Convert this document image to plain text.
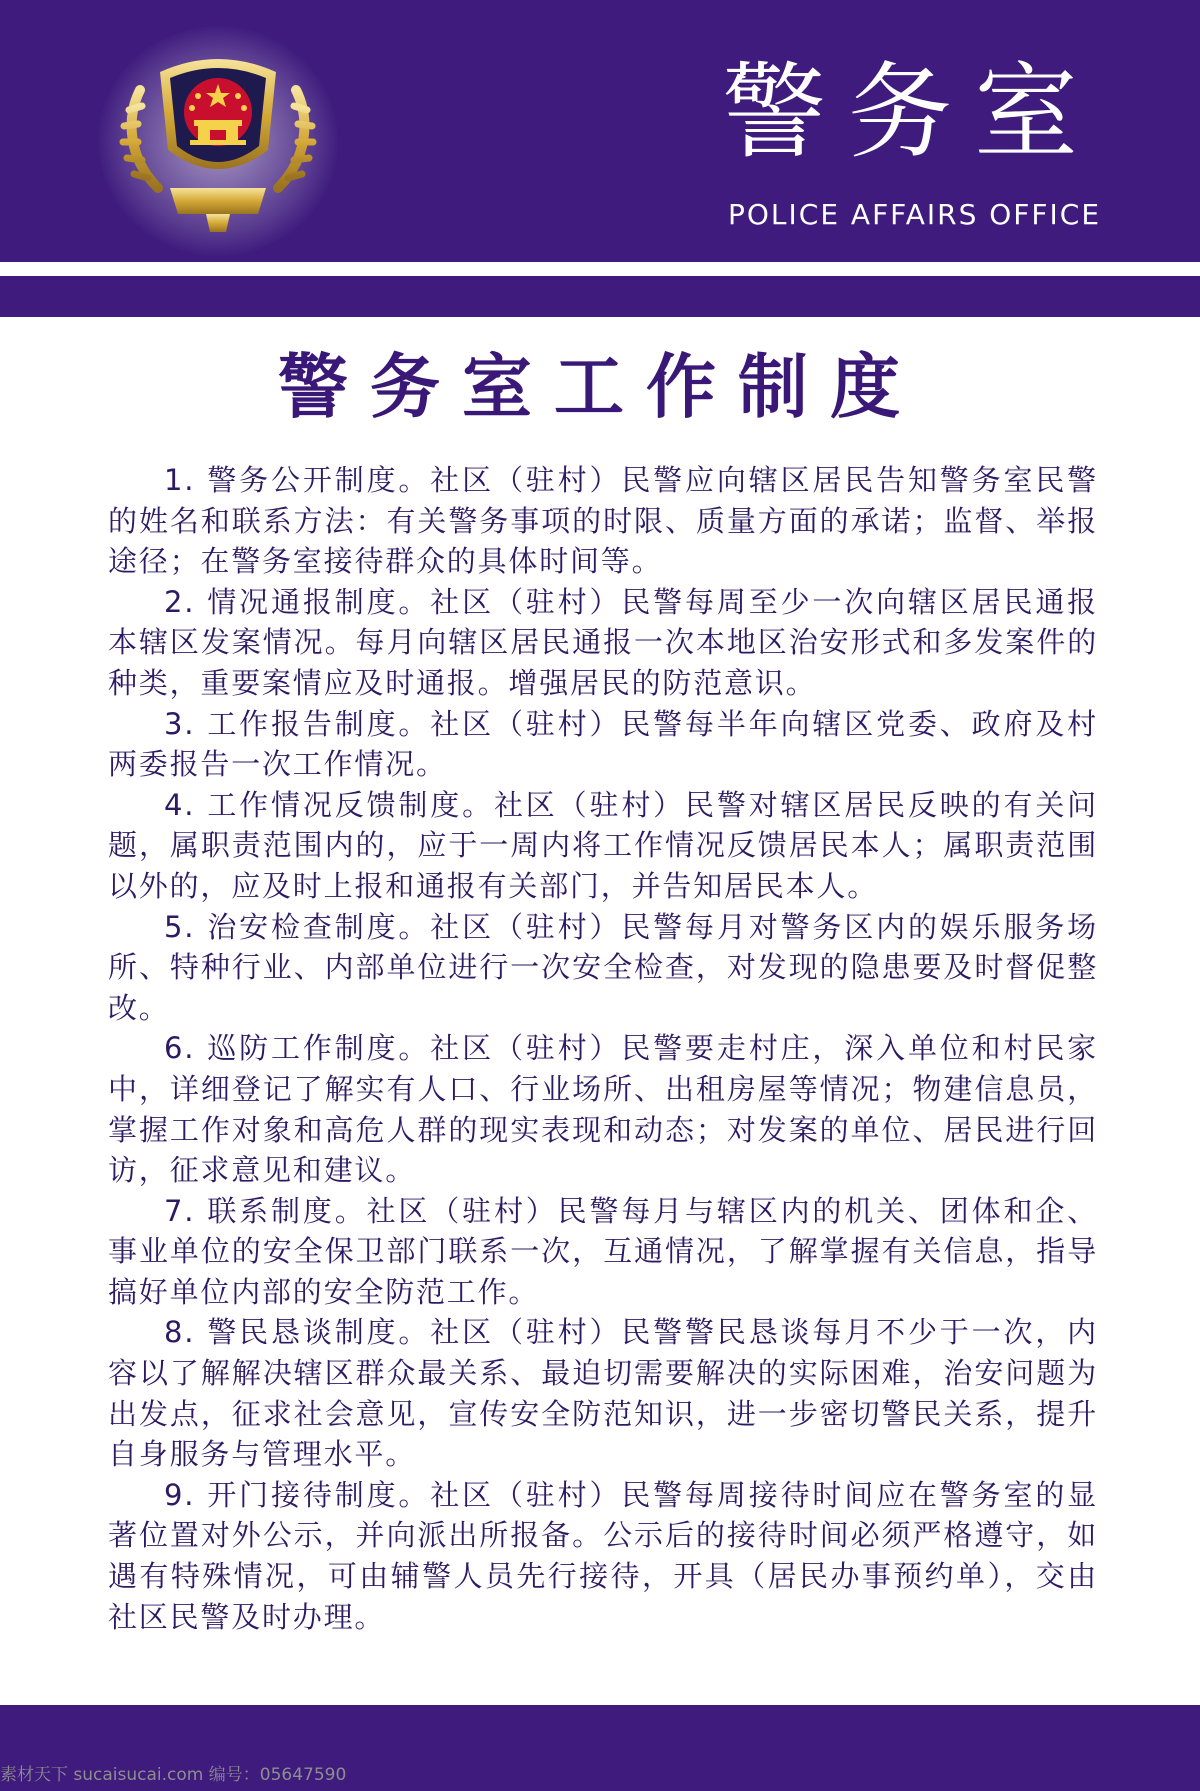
警务室
POLICE AFFAIRS OFFICE
警务室工作制度

1. 警务公开制度。社区（驻村）民警应向辖区居民告知警务室民警的姓名和联系方法：有关警务事项的时限、质量方面的承诺；监督、举报途径；在警务室接待群众的具体时间等。

2. 情况通报制度。社区（驻村）民警每周至少一次向辖区居民通报本辖区发案情况。每月向辖区居民通报一次本地区治安形式和多发案件的种类，重要案情应及时通报。增强居民的防范意识。

3. 工作报告制度。社区（驻村）民警每半年向辖区党委、政府及村两委报告一次工作情况。

4. 工作情况反馈制度。社区（驻村）民警对辖区居民反映的有关问题，属职责范围内的，应于一周内将工作情况反馈居民本人；属职责范围以外的，应及时上报和通报有关部门，并告知居民本人。

5. 治安检查制度。社区（驻村）民警每月对警务区内的娱乐服务场所、特种行业、内部单位进行一次安全检查，对发现的隐患要及时督促整改。

6. 巡防工作制度。社区（驻村）民警要走村庄，深入单位和村民家中，详细登记了解实有人口、行业场所、出租房屋等情况；物建信息员，掌握工作对象和高危人群的现实表现和动态；对发案的单位、居民进行回访，征求意见和建议。

7. 联系制度。社区（驻村）民警每月与辖区内的机关、团体和企、事业单位的安全保卫部门联系一次，互通情况，了解掌握有关信息，指导搞好单位内部的安全防范工作。

8. 警民恳谈制度。社区（驻村）民警警民恳谈每月不少于一次，内容以了解解决辖区群众最关系、最迫切需要解决的实际困难，治安问题为出发点，征求社会意见，宣传安全防范知识，进一步密切警民关系，提升自身服务与管理水平。

9. 开门接待制度。社区（驻村）民警每周接待时间应在警务室的显著位置对外公示，并向派出所报备。公示后的接待时间必须严格遵守，如遇有特殊情况，可由辅警人员先行接待，开具（居民办事预约单），交由社区民警及时办理。

素材天下 sucaisucai.com 编号：05647590
